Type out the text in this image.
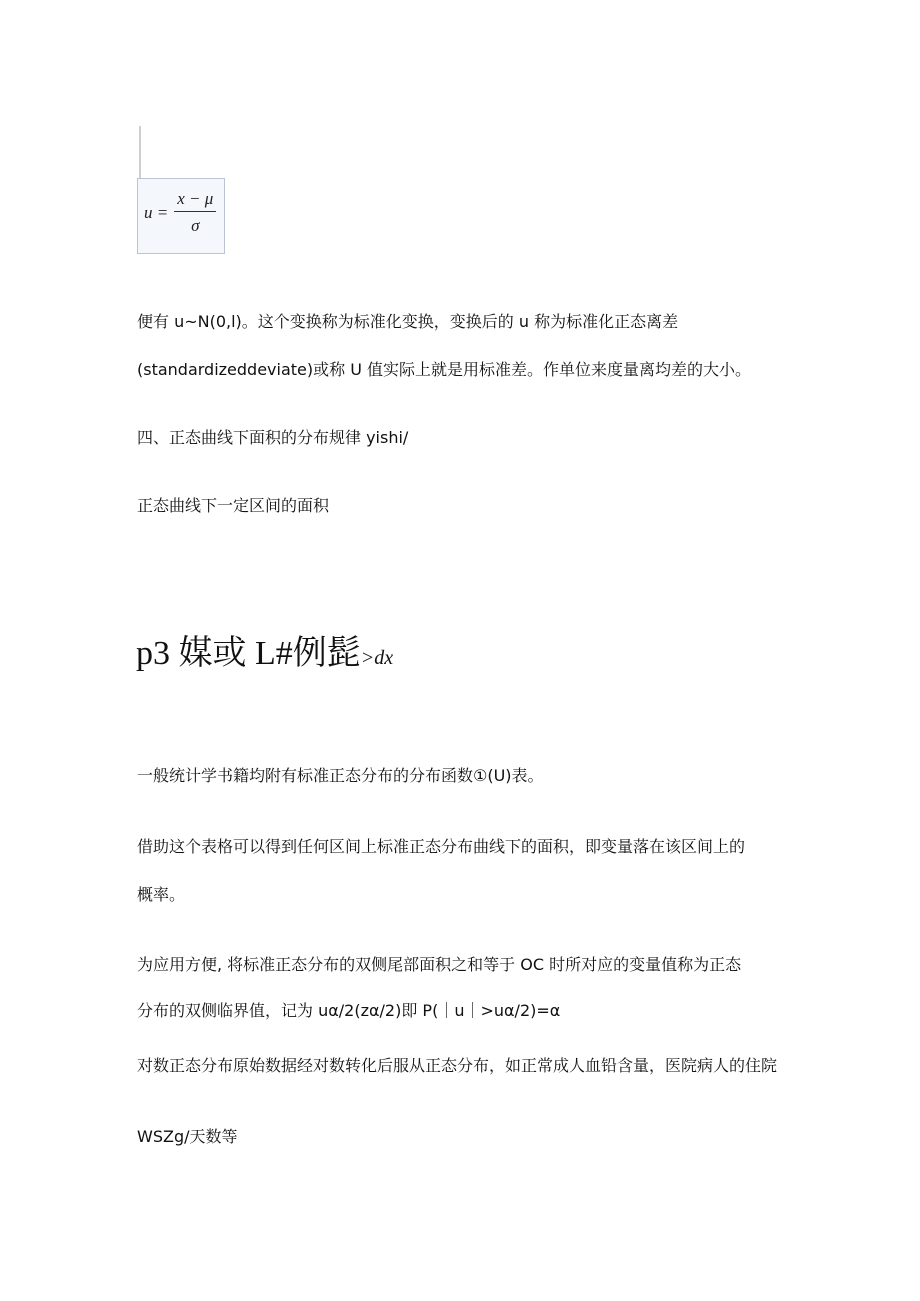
$u = \frac{x - \mu}{\sigma}$
便有 u~N(0,l)。这个变换称为标准化变换，变换后的 u 称为标准化正态离差
(standardizeddeviate)或称 U 值实际上就是用标准差。作单位来度量离均差的大小。
四、正态曲线下面积的分布规律 yishi/
正态曲线下一定区间的面积
p3 媒或 L#例髭>dx
一般统计学书籍均附有标准正态分布的分布函数①(U)表。
借助这个表格可以得到任何区间上标准正态分布曲线下的面积，即变量落在该区间上的
概率。
为应用方便, 将标准正态分布的双侧尾部面积之和等于 OC 时所对应的变量值称为正态
分布的双侧临界值，记为 uα/2(zα/2)即 P(｜u｜>uα/2)=α
对数正态分布原始数据经对数转化后服从正态分布，如正常成人血铅含量，医院病人的住院
WSZg/天数等
